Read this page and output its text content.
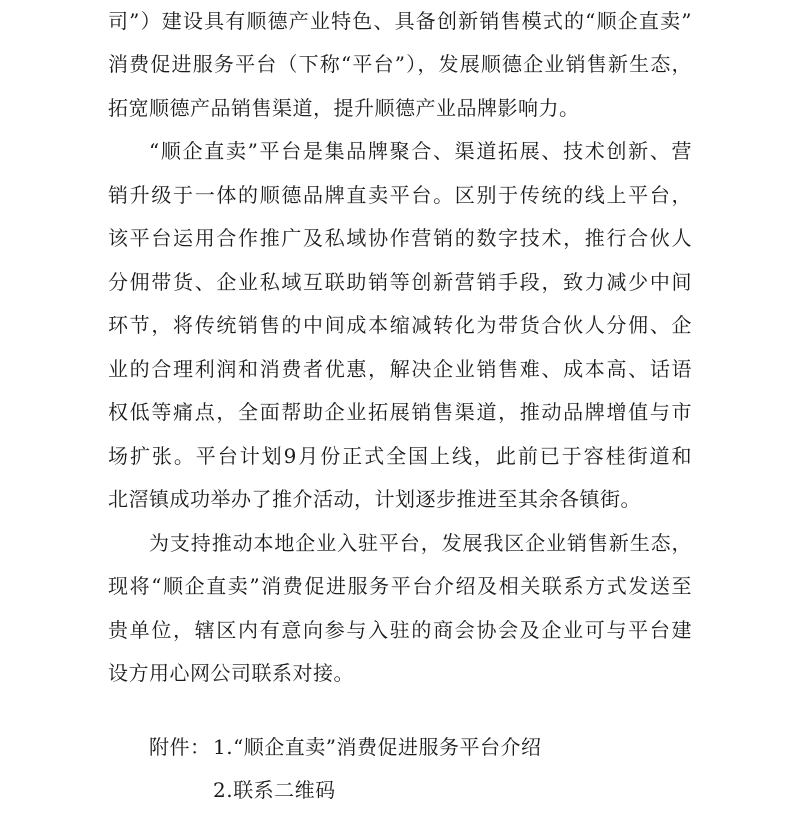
司”）建设具有顺德产业特色、具备创新销售模式的“顺企直卖”
消费促进服务平台（下称“平台”），发展顺德企业销售新生态，
拓宽顺德产品销售渠道，提升顺德产业品牌影响力。
“顺企直卖”平台是集品牌聚合、渠道拓展、技术创新、营
销升级于一体的顺德品牌直卖平台。区别于传统的线上平台，
该平台运用合作推广及私域协作营销的数字技术，推行合伙人
分佣带货、企业私域互联助销等创新营销手段，致力减少中间
环节，将传统销售的中间成本缩减转化为带货合伙人分佣、企
业的合理利润和消费者优惠，解决企业销售难、成本高、话语
权低等痛点，全面帮助企业拓展销售渠道，推动品牌增值与市
场扩张。平台计划9月份正式全国上线，此前已于容桂街道和
北滘镇成功举办了推介活动，计划逐步推进至其余各镇街。
为支持推动本地企业入驻平台，发展我区企业销售新生态，
现将“顺企直卖”消费促进服务平台介绍及相关联系方式发送至
贵单位，辖区内有意向参与入驻的商会协会及企业可与平台建
设方用心网公司联系对接。
附件： 1.“顺企直卖”消费促进服务平台介绍
2.联系二维码
